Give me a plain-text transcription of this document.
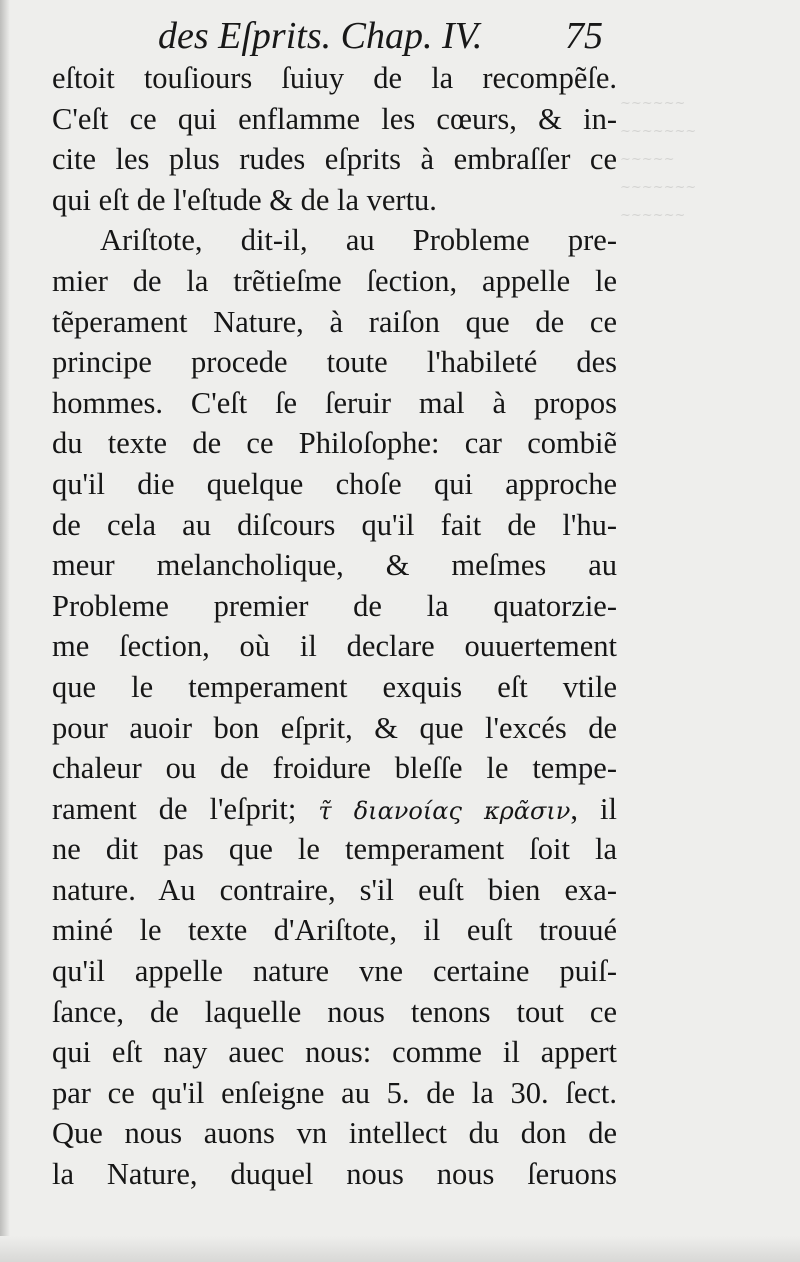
~~~~~~
~~~~~~~
~~~~~
~~~~~~~
~~~~~~
des Eſprits. Chap. IV. 75
eſtoit touſiours ſuiuy de la recompẽſe.
C'eſt ce qui enflamme les cœurs, & in-
cite les plus rudes eſprits à embraſſer ce
qui eſt de l'eſtude & de la vertu.
Ariſtote, dit-il, au Probleme pre-
mier de la trẽtieſme ſection, appelle le
tẽperament Nature, à raiſon que de ce
principe procede toute l'habileté des
hommes. C'eſt ſe ſeruir mal à propos
du texte de ce Philoſophe: car combiẽ
qu'il die quelque choſe qui approche
de cela au diſcours qu'il fait de l'hu-
meur melancholique, & meſmes au
Probleme premier de la quatorzie-
me ſection, où il declare ouuertement
que le temperament exquis eſt vtile
pour auoir bon eſprit, & que l'excés de
chaleur ou de froidure bleſſe le tempe-
rament de l'eſprit; τ̃ διανοίας κρᾶσιν, il
ne dit pas que le temperament ſoit la
nature. Au contraire, s'il euſt bien exa-
miné le texte d'Ariſtote, il euſt trouué
qu'il appelle nature vne certaine puiſ-
ſance, de laquelle nous tenons tout ce
qui eſt nay auec nous: comme il appert
par ce qu'il enſeigne au 5. de la 30. ſect.
Que nous auons vn intellect du don de
la Nature, duquel nous nous ſeruons
